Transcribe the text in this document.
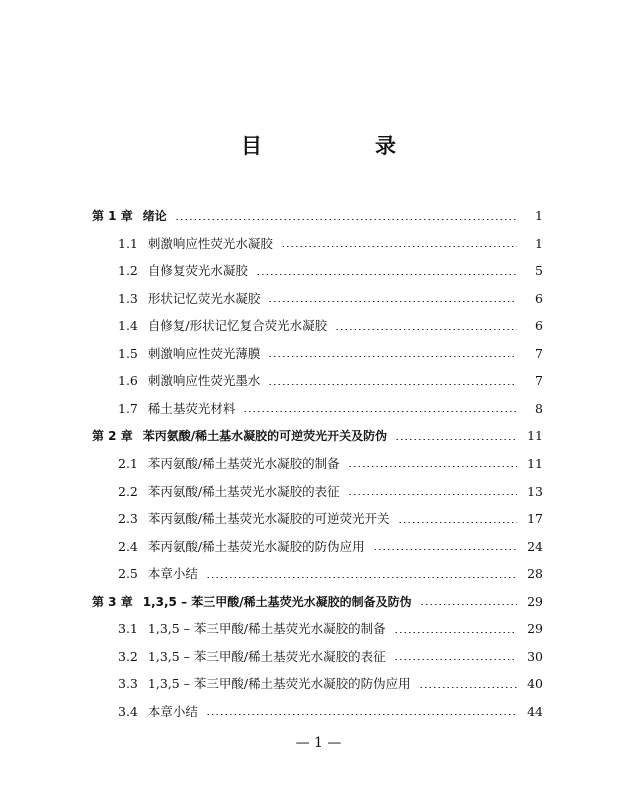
目　录
第 1 章 绪论	1
1.1 刺激响应性荧光水凝胶	1
1.2 自修复荧光水凝胶	5
1.3 形状记忆荧光水凝胶	6
1.4 自修复/形状记忆复合荧光水凝胶	6
1.5 刺激响应性荧光薄膜	7
1.6 刺激响应性荧光墨水	7
1.7 稀土基荧光材料	8
第 2 章 苯丙氨酸/稀土基水凝胶的可逆荧光开关及防伪	11
2.1 苯丙氨酸/稀土基荧光水凝胶的制备	11
2.2 苯丙氨酸/稀土基荧光水凝胶的表征	13
2.3 苯丙氨酸/稀土基荧光水凝胶的可逆荧光开关	17
2.4 苯丙氨酸/稀土基荧光水凝胶的防伪应用	24
2.5 本章小结	28
第 3 章 1,3,5 – 苯三甲酸/稀土基荧光水凝胶的制备及防伪	29
3.1 1,3,5 – 苯三甲酸/稀土基荧光水凝胶的制备	29
3.2 1,3,5 – 苯三甲酸/稀土基荧光水凝胶的表征	30
3.3 1,3,5 – 苯三甲酸/稀土基荧光水凝胶的防伪应用	40
3.4 本章小结	44
— 1 —
